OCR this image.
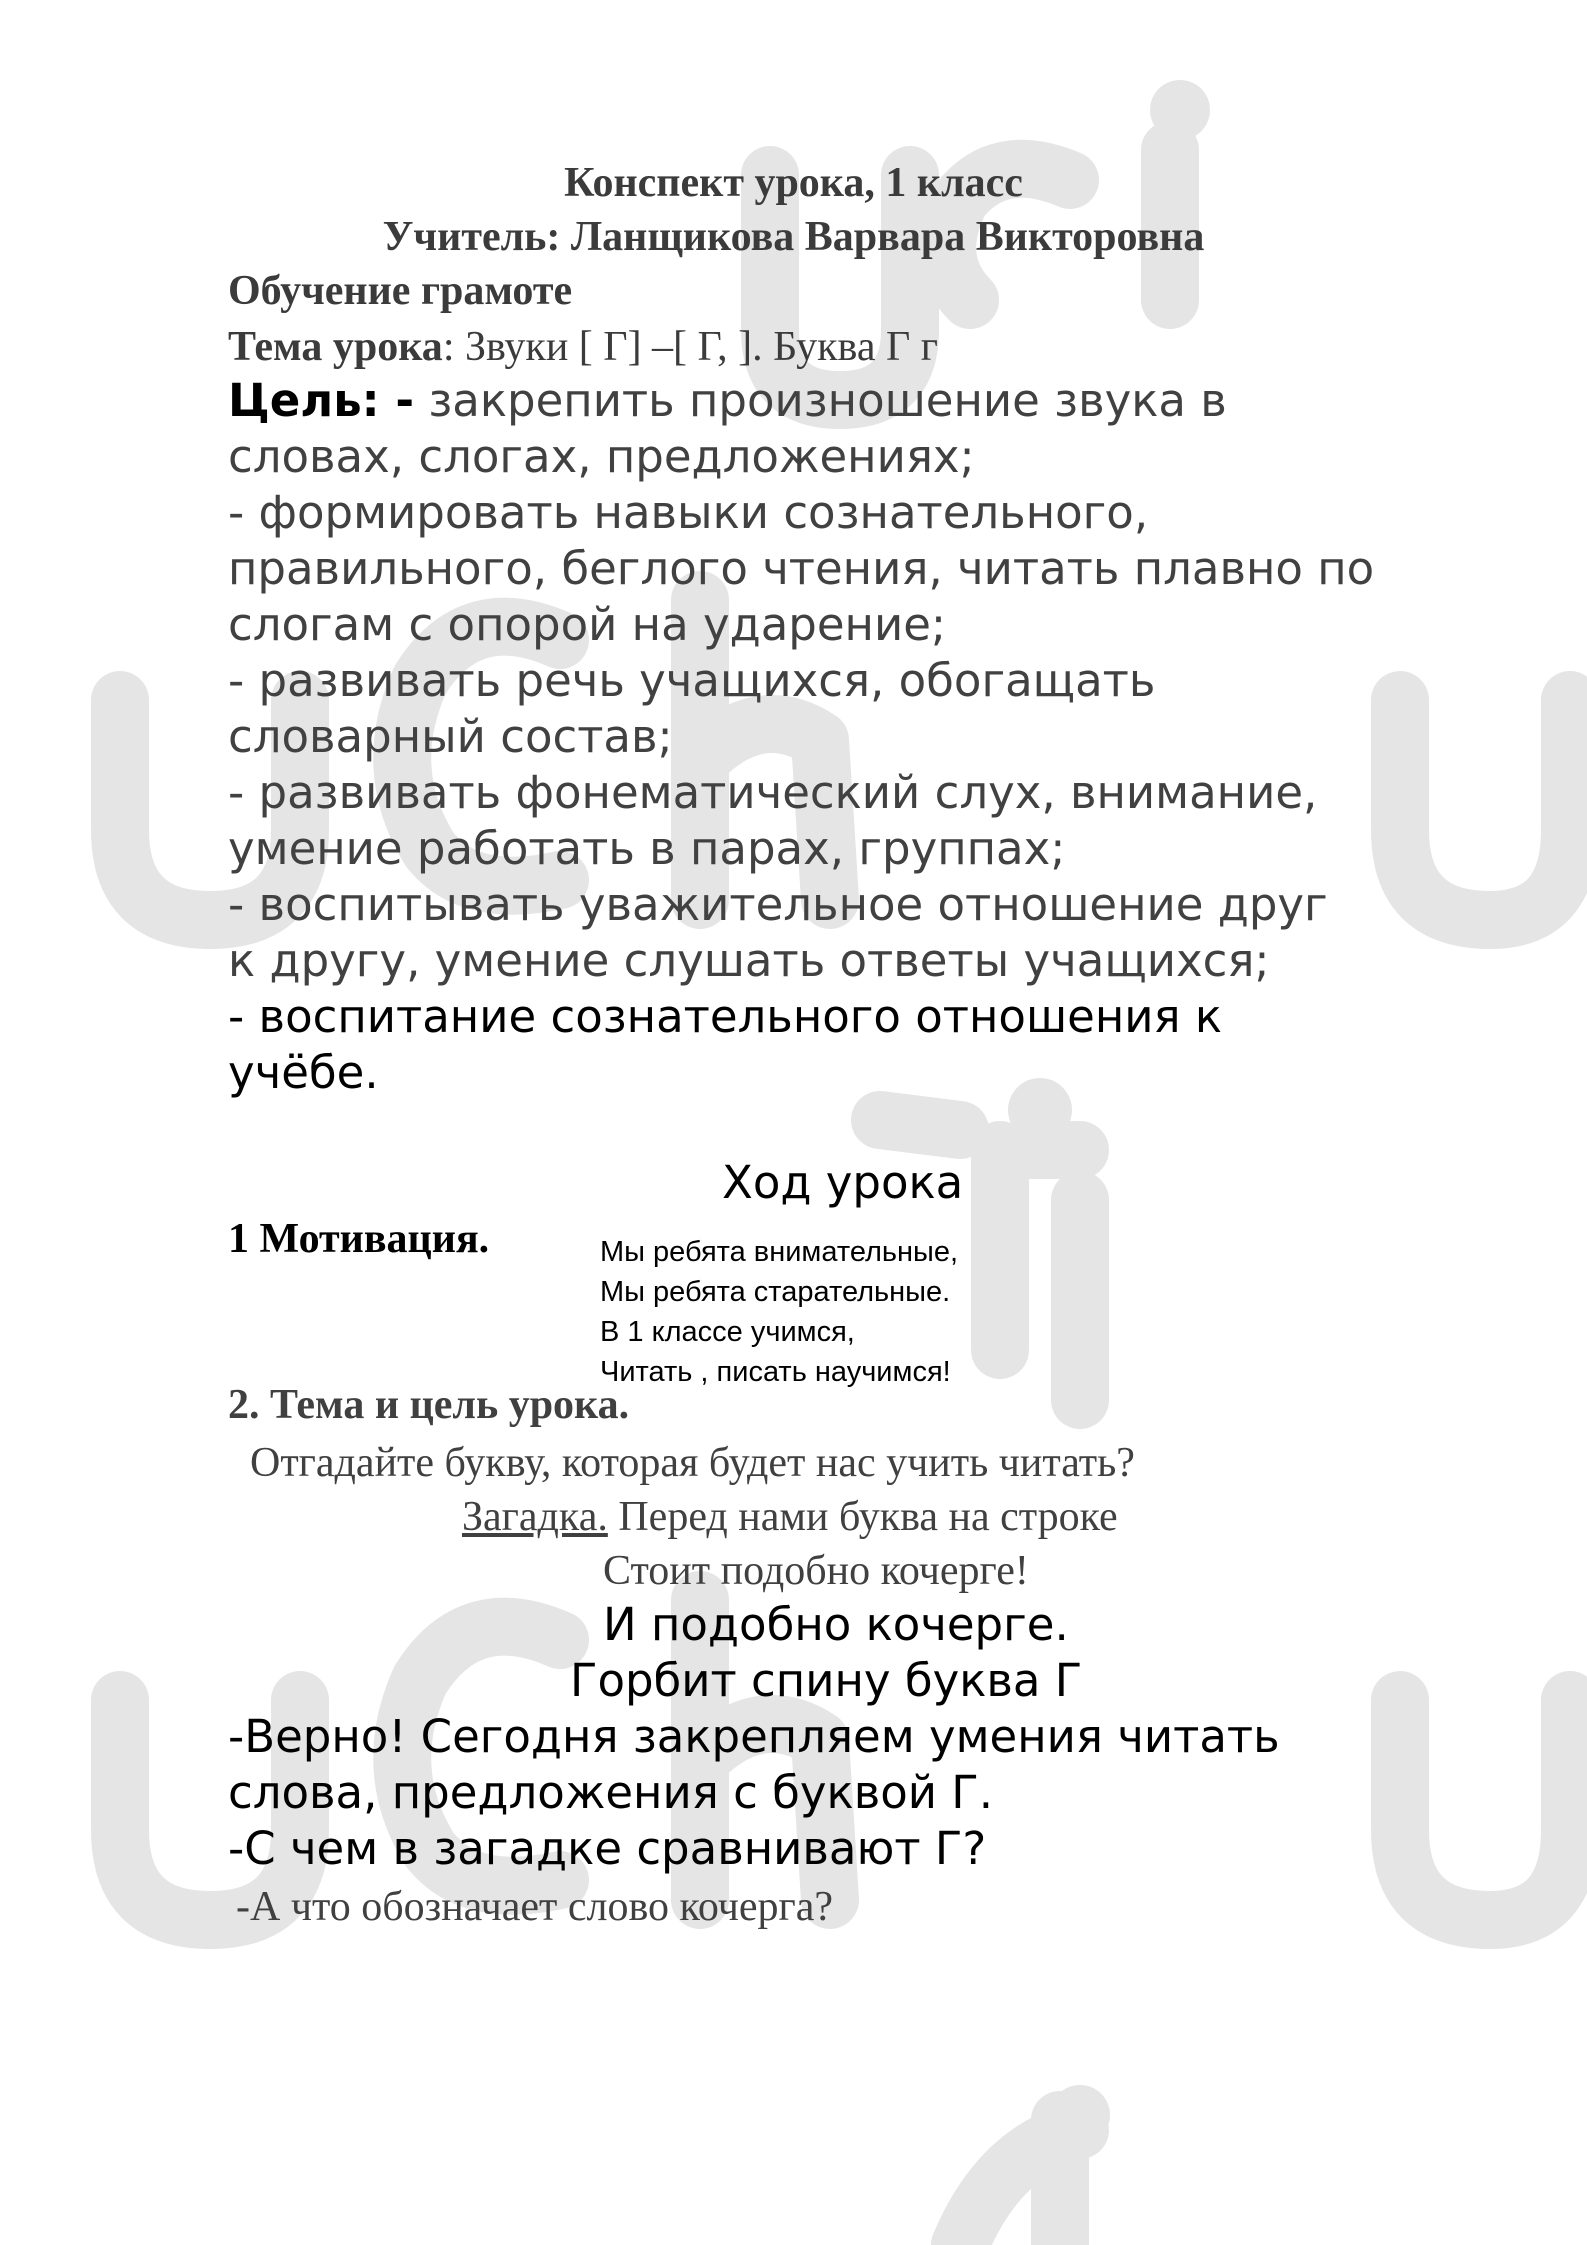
Конспект урока, 1 класс
Учитель: Ланщикова Варвара Викторовна
Обучение грамоте
Тема урока: Звуки [ Г] –[ Г, ]. Буква Г г
Цель: - закрепить произношение звука в
словах, слогах, предложениях;
- формировать навыки сознательного,
правильного, беглого чтения, читать плавно по
слогам с опорой на ударение;
- развивать речь учащихся, обогащать
словарный состав;
- развивать фонематический слух, внимание,
умение работать в парах, группах;
- воспитывать уважительное отношение друг
к другу, умение слушать ответы учащихся;
- воспитание сознательного отношения к
учёбе.
Ход урока
1 Мотивация.	Мы ребята внимательные,
Мы ребята старательные.
В 1 классе учимся,
Читать , писать научимся!
2. Тема и цель урока.
Отгадайте букву, которая будет нас учить читать?
Загадка. Перед нами буква на строке
Стоит подобно кочерге!
И подобно кочерге.
Горбит спину буква Г
-Верно! Сегодня закрепляем умения читать
слова, предложения с буквой Г.
-С чем в загадке сравнивают Г?
-А что обозначает слово кочерга?
